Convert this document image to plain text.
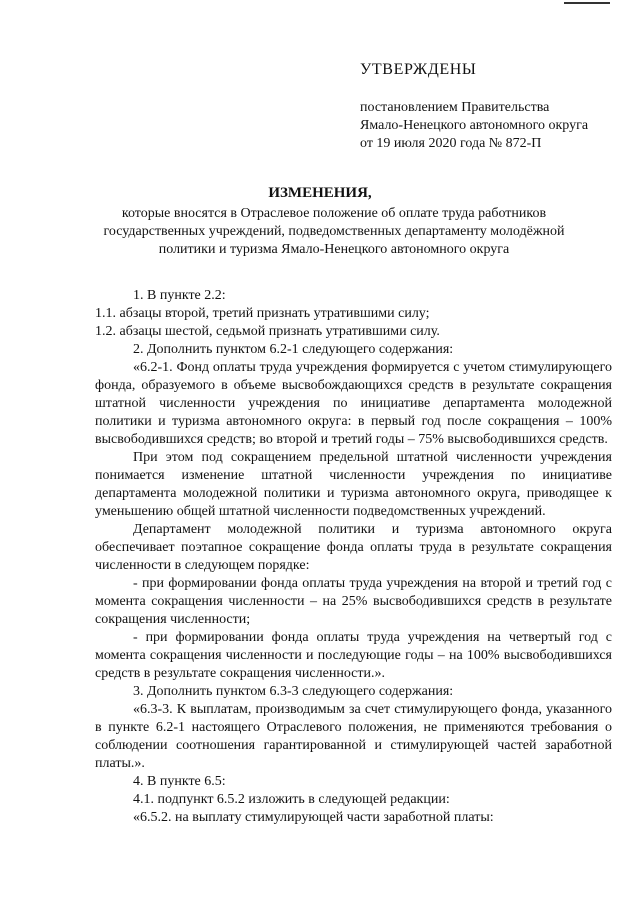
УТВЕРЖДЕНЫ
постановлением Правительства
Ямало-Ненецкого автономного округа
от 19 июля 2020 года № 872-П
ИЗМЕНЕНИЯ,
которые вносятся в Отраслевое положение об оплате труда работников
государственных учреждений, подведомственных департаменту молодёжной
политики и туризма Ямало-Ненецкого автономного округа

1. В пункте 2.2:

1.1. абзацы второй, третий признать утратившими силу;

1.2. абзацы шестой, седьмой признать утратившими силу.

2. Дополнить пунктом 6.2-1 следующего содержания:

«6.2-1. Фонд оплаты труда учреждения формируется с учетом стимулирующего фонда, образуемого в объеме высвобождающихся средств в результате сокращения штатной численности учреждения по инициативе департамента молодежной политики и туризма автономного округа: в первый год после сокращения – 100% высвободившихся средств; во второй и третий годы – 75% высвободившихся средств.

При этом под сокращением предельной штатной численности учреждения понимается изменение штатной численности учреждения по инициативе департамента молодежной политики и туризма автономного округа, приводящее к уменьшению общей штатной численности подведомственных учреждений.

Департамент молодежной политики и туризма автономного округа обеспечивает поэтапное сокращение фонда оплаты труда в результате сокращения численности в следующем порядке:

- при формировании фонда оплаты труда учреждения на второй и третий год с момента сокращения численности – на 25% высвободившихся средств в результате сокращения численности;

- при формировании фонда оплаты труда учреждения на четвертый год с момента сокращения численности и последующие годы – на 100% высвободившихся средств в результате сокращения численности.».

3. Дополнить пунктом 6.3-3 следующего содержания:

«6.3-3. К выплатам, производимым за счет стимулирующего фонда, указанного в пункте 6.2-1 настоящего Отраслевого положения, не применяются требования о соблюдении соотношения гарантированной и стимулирующей частей заработной платы.».

4. В пункте 6.5:

4.1. подпункт 6.5.2 изложить в следующей редакции:

«6.5.2. на выплату стимулирующей части заработной платы:
